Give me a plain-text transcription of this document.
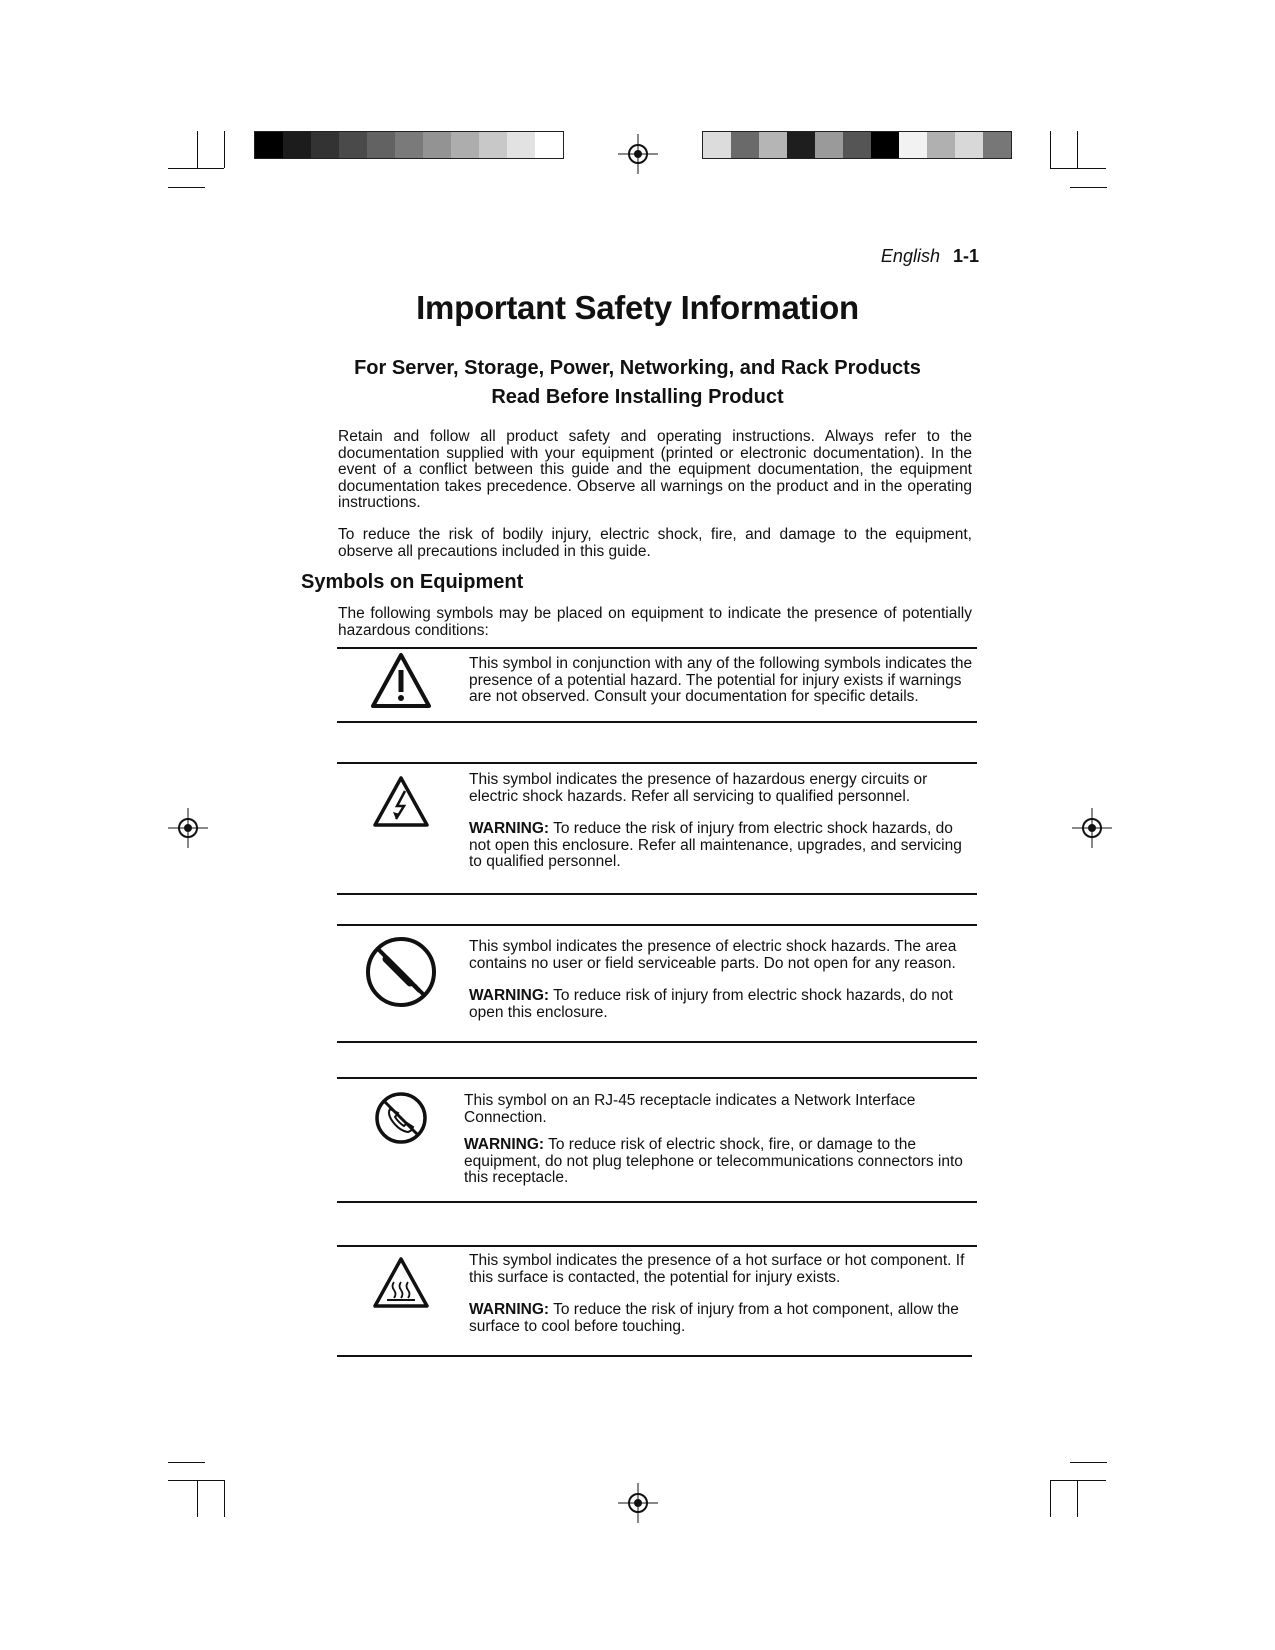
English 1-1
Important Safety Information
For Server, Storage, Power, Networking, and Rack Products
Read Before Installing Product
Retain and follow all product safety and operating instructions. Always refer to the documentation supplied with your equipment (printed or electronic documentation). In the event of a conflict between this guide and the equipment documentation, the equipment documentation takes precedence. Observe all warnings on the product and in the operating instructions.
To reduce the risk of bodily injury, electric shock, fire, and damage to the equipment, observe all precautions included in this guide.
Symbols on Equipment
The following symbols may be placed on equipment to indicate the presence of potentially hazardous conditions:

This symbol in conjunction with any of the following symbols indicates the presence of a potential hazard. The potential for injury exists if warnings are not observed. Consult your documentation for specific details.

This symbol indicates the presence of hazardous energy circuits or electric shock hazards. Refer all servicing to qualified personnel.

WARNING: To reduce the risk of injury from electric shock hazards, do not open this enclosure. Refer all maintenance, upgrades, and servicing to qualified personnel.

This symbol indicates the presence of electric shock hazards. The area contains no user or field serviceable parts. Do not open for any reason.

WARNING: To reduce risk of injury from electric shock hazards, do not open this enclosure.

This symbol on an RJ-45 receptacle indicates a Network Interface Connection.

WARNING: To reduce risk of electric shock, fire, or damage to the equipment, do not plug telephone or telecommunications connectors into this receptacle.

This symbol indicates the presence of a hot surface or hot component. If this surface is contacted, the potential for injury exists.

WARNING: To reduce the risk of injury from a hot component, allow the surface to cool before touching.
